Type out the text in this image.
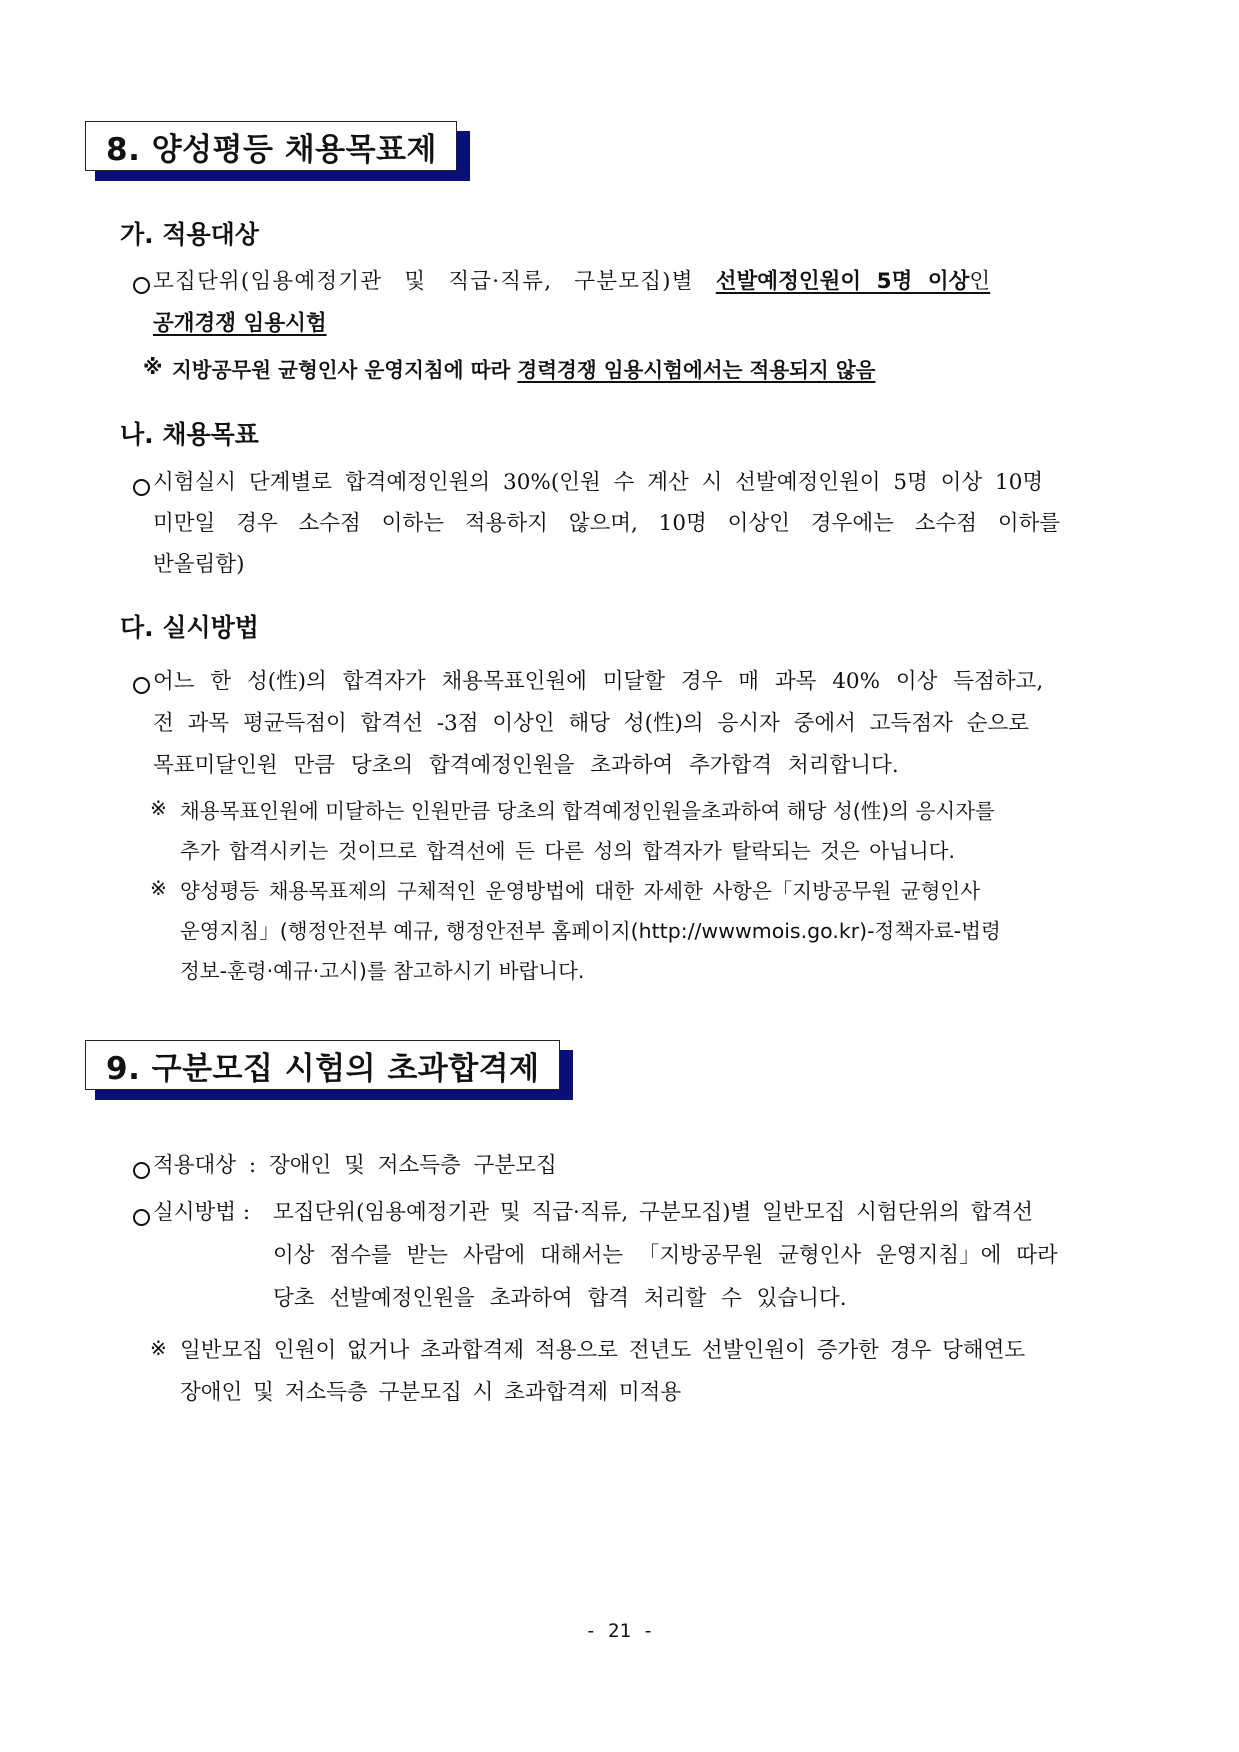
8. 양성평등 채용목표제
가. 적용대상
모집단위(임용예정기관 및 직급·직류, 구분모집)별 선발예정인원이 5명 이상인
공개경쟁 임용시험
※ 지방공무원 균형인사 운영지침에 따라 경력경쟁 임용시험에서는 적용되지 않음
나. 채용목표
시험실시 단계별로 합격예정인원의 30%(인원 수 계산 시 선발예정인원이 5명 이상 10명
미만일 경우 소수점 이하는 적용하지 않으며, 10명 이상인 경우에는 소수점 이하를
반올림함)
다. 실시방법
어느 한 성(性)의 합격자가 채용목표인원에 미달할 경우 매 과목 40% 이상 득점하고,
전 과목 평균득점이 합격선 -3점 이상인 해당 성(性)의 응시자 중에서 고득점자 순으로
목표미달인원 만큼 당초의 합격예정인원을 초과하여 추가합격 처리합니다.
※ 채용목표인원에 미달하는 인원만큼 당초의 합격예정인원을초과하여 해당 성(性)의 응시자를
추가 합격시키는 것이므로 합격선에 든 다른 성의 합격자가 탈락되는 것은 아닙니다.
※ 양성평등 채용목표제의 구체적인 운영방법에 대한 자세한 사항은「지방공무원 균형인사
운영지침」(행정안전부 예규, 행정안전부 홈페이지(http://wwwmois.go.kr)-정책자료-법령
정보-훈령·예규·고시)를 참고하시기 바랍니다.
9. 구분모집 시험의 초과합격제
적용대상 : 장애인 및 저소득층 구분모집
실시방법 : 모집단위(임용예정기관 및 직급·직류, 구분모집)별 일반모집 시험단위의 합격선
이상 점수를 받는 사람에 대해서는 「지방공무원 균형인사 운영지침」에 따라
당초 선발예정인원을 초과하여 합격 처리할 수 있습니다.
※ 일반모집 인원이 없거나 초과합격제 적용으로 전년도 선발인원이 증가한 경우 당해연도
장애인 및 저소득층 구분모집 시 초과합격제 미적용
- 21 -
